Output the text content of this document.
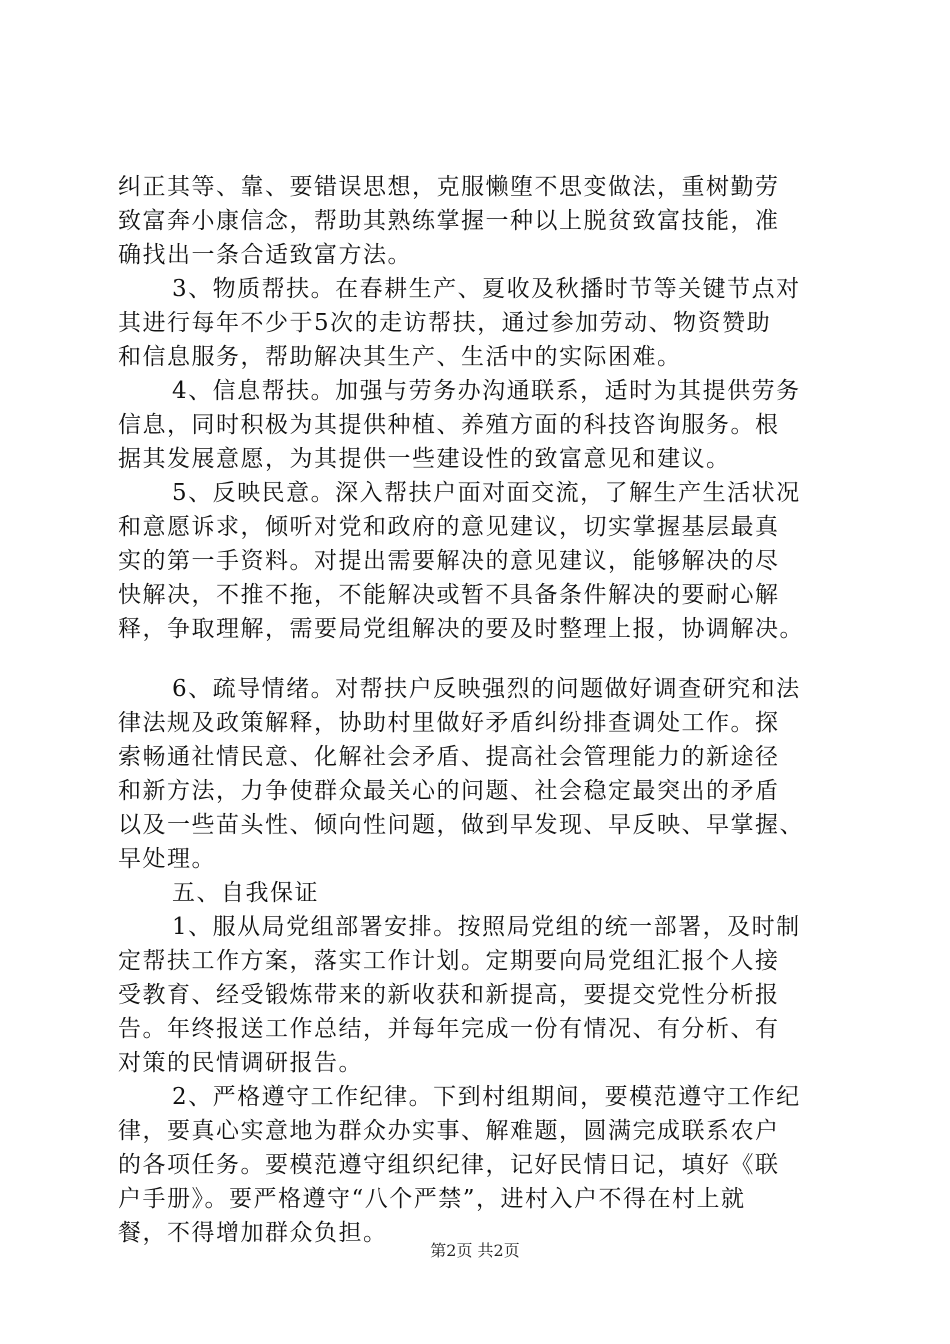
纠正其等、靠、要错误思想，克服懒堕不思变做法，重树勤劳
致富奔小康信念，帮助其熟练掌握一种以上脱贫致富技能，准
确找出一条合适致富方法。
3、物质帮扶。在春耕生产、夏收及秋播时节等关键节点对
其进行每年不少于5次的走访帮扶，通过参加劳动、物资赞助
和信息服务，帮助解决其生产、生活中的实际困难。
4、信息帮扶。加强与劳务办沟通联系，适时为其提供劳务
信息，同时积极为其提供种植、养殖方面的科技咨询服务。根
据其发展意愿，为其提供一些建设性的致富意见和建议。
5、反映民意。深入帮扶户面对面交流，了解生产生活状况
和意愿诉求，倾听对党和政府的意见建议，切实掌握基层最真
实的第一手资料。对提出需要解决的意见建议，能够解决的尽
快解决，不推不拖，不能解决或暂不具备条件解决的要耐心解
释，争取理解，需要局党组解决的要及时整理上报，协调解决。
6、疏导情绪。对帮扶户反映强烈的问题做好调查研究和法
律法规及政策解释，协助村里做好矛盾纠纷排查调处工作。探
索畅通社情民意、化解社会矛盾、提高社会管理能力的新途径
和新方法，力争使群众最关心的问题、社会稳定最突出的矛盾
以及一些苗头性、倾向性问题，做到早发现、早反映、早掌握、
早处理。
五、自我保证
1、服从局党组部署安排。按照局党组的统一部署，及时制
定帮扶工作方案，落实工作计划。定期要向局党组汇报个人接
受教育、经受锻炼带来的新收获和新提高，要提交党性分析报
告。年终报送工作总结，并每年完成一份有情况、有分析、有
对策的民情调研报告。
2、严格遵守工作纪律。下到村组期间，要模范遵守工作纪
律，要真心实意地为群众办实事、解难题，圆满完成联系农户
的各项任务。要模范遵守组织纪律，记好民情日记，填好《联
户手册》。要严格遵守“八个严禁”，进村入户不得在村上就
餐，不得增加群众负担。
第2页 共2页
